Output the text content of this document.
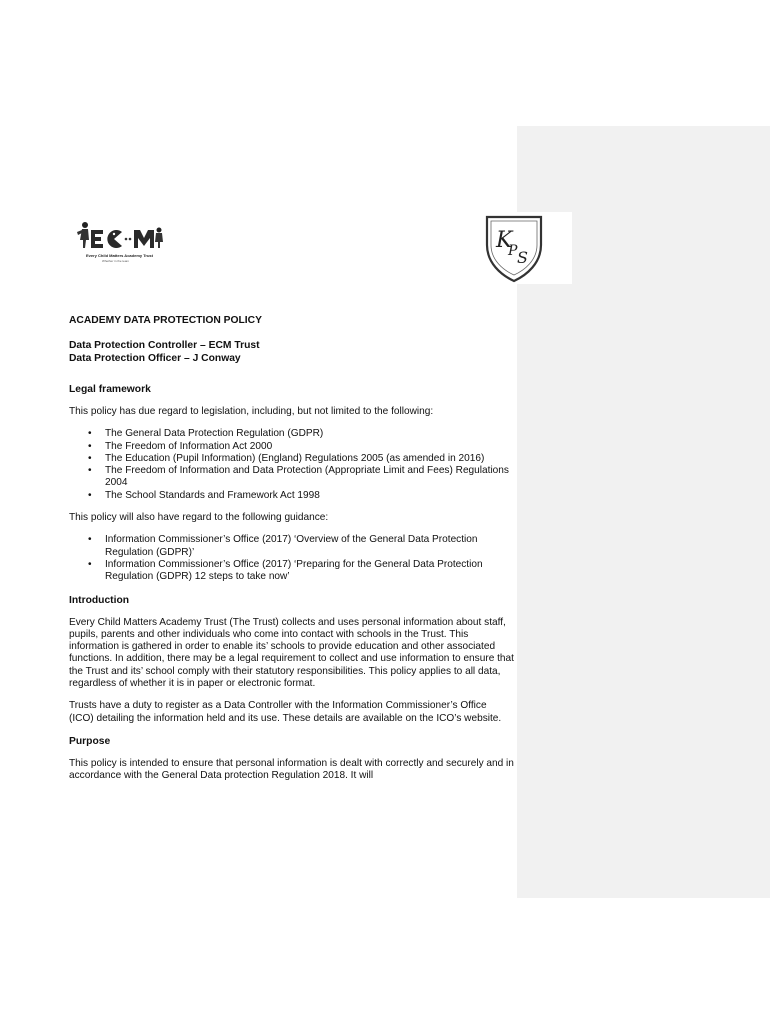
Every Child Matters Academy Trust
Whether in the team
K
P S
ACADEMY DATA PROTECTION POLICY
Data Protection Controller – ECM Trust
Data Protection Officer – J Conway
Legal framework

This policy has due regard to legislation, including, but not limited to the following:

• The General Data Protection Regulation (GDPR)
• The Freedom of Information Act 2000
• The Education (Pupil Information) (England) Regulations 2005 (as amended in 2016)
• The Freedom of Information and Data Protection (Appropriate Limit and Fees) Regulations 2004
• The School Standards and Framework Act 1998

This policy will also have regard to the following guidance:

• Information Commissioner’s Office (2017) ‘Overview of the General Data Protection Regulation (GDPR)’
• Information Commissioner’s Office (2017) ‘Preparing for the General Data Protection Regulation (GDPR) 12 steps to take now’
Introduction

Every Child Matters Academy Trust (The Trust) collects and uses personal information about staff, pupils, parents and other individuals who come into contact with schools in the Trust. This information is gathered in order to enable its’ schools to provide education and other associated functions. In addition, there may be a legal requirement to collect and use information to ensure that the Trust and its’ school comply with their statutory responsibilities. This policy applies to all data, regardless of whether it is in paper or electronic format.

Trusts have a duty to register as a Data Controller with the Information Commissioner’s Office (ICO) detailing the information held and its use. These details are available on the ICO’s website.

Purpose

This policy is intended to ensure that personal information is dealt with correctly and securely and in accordance with the General Data protection Regulation 2018. It will
